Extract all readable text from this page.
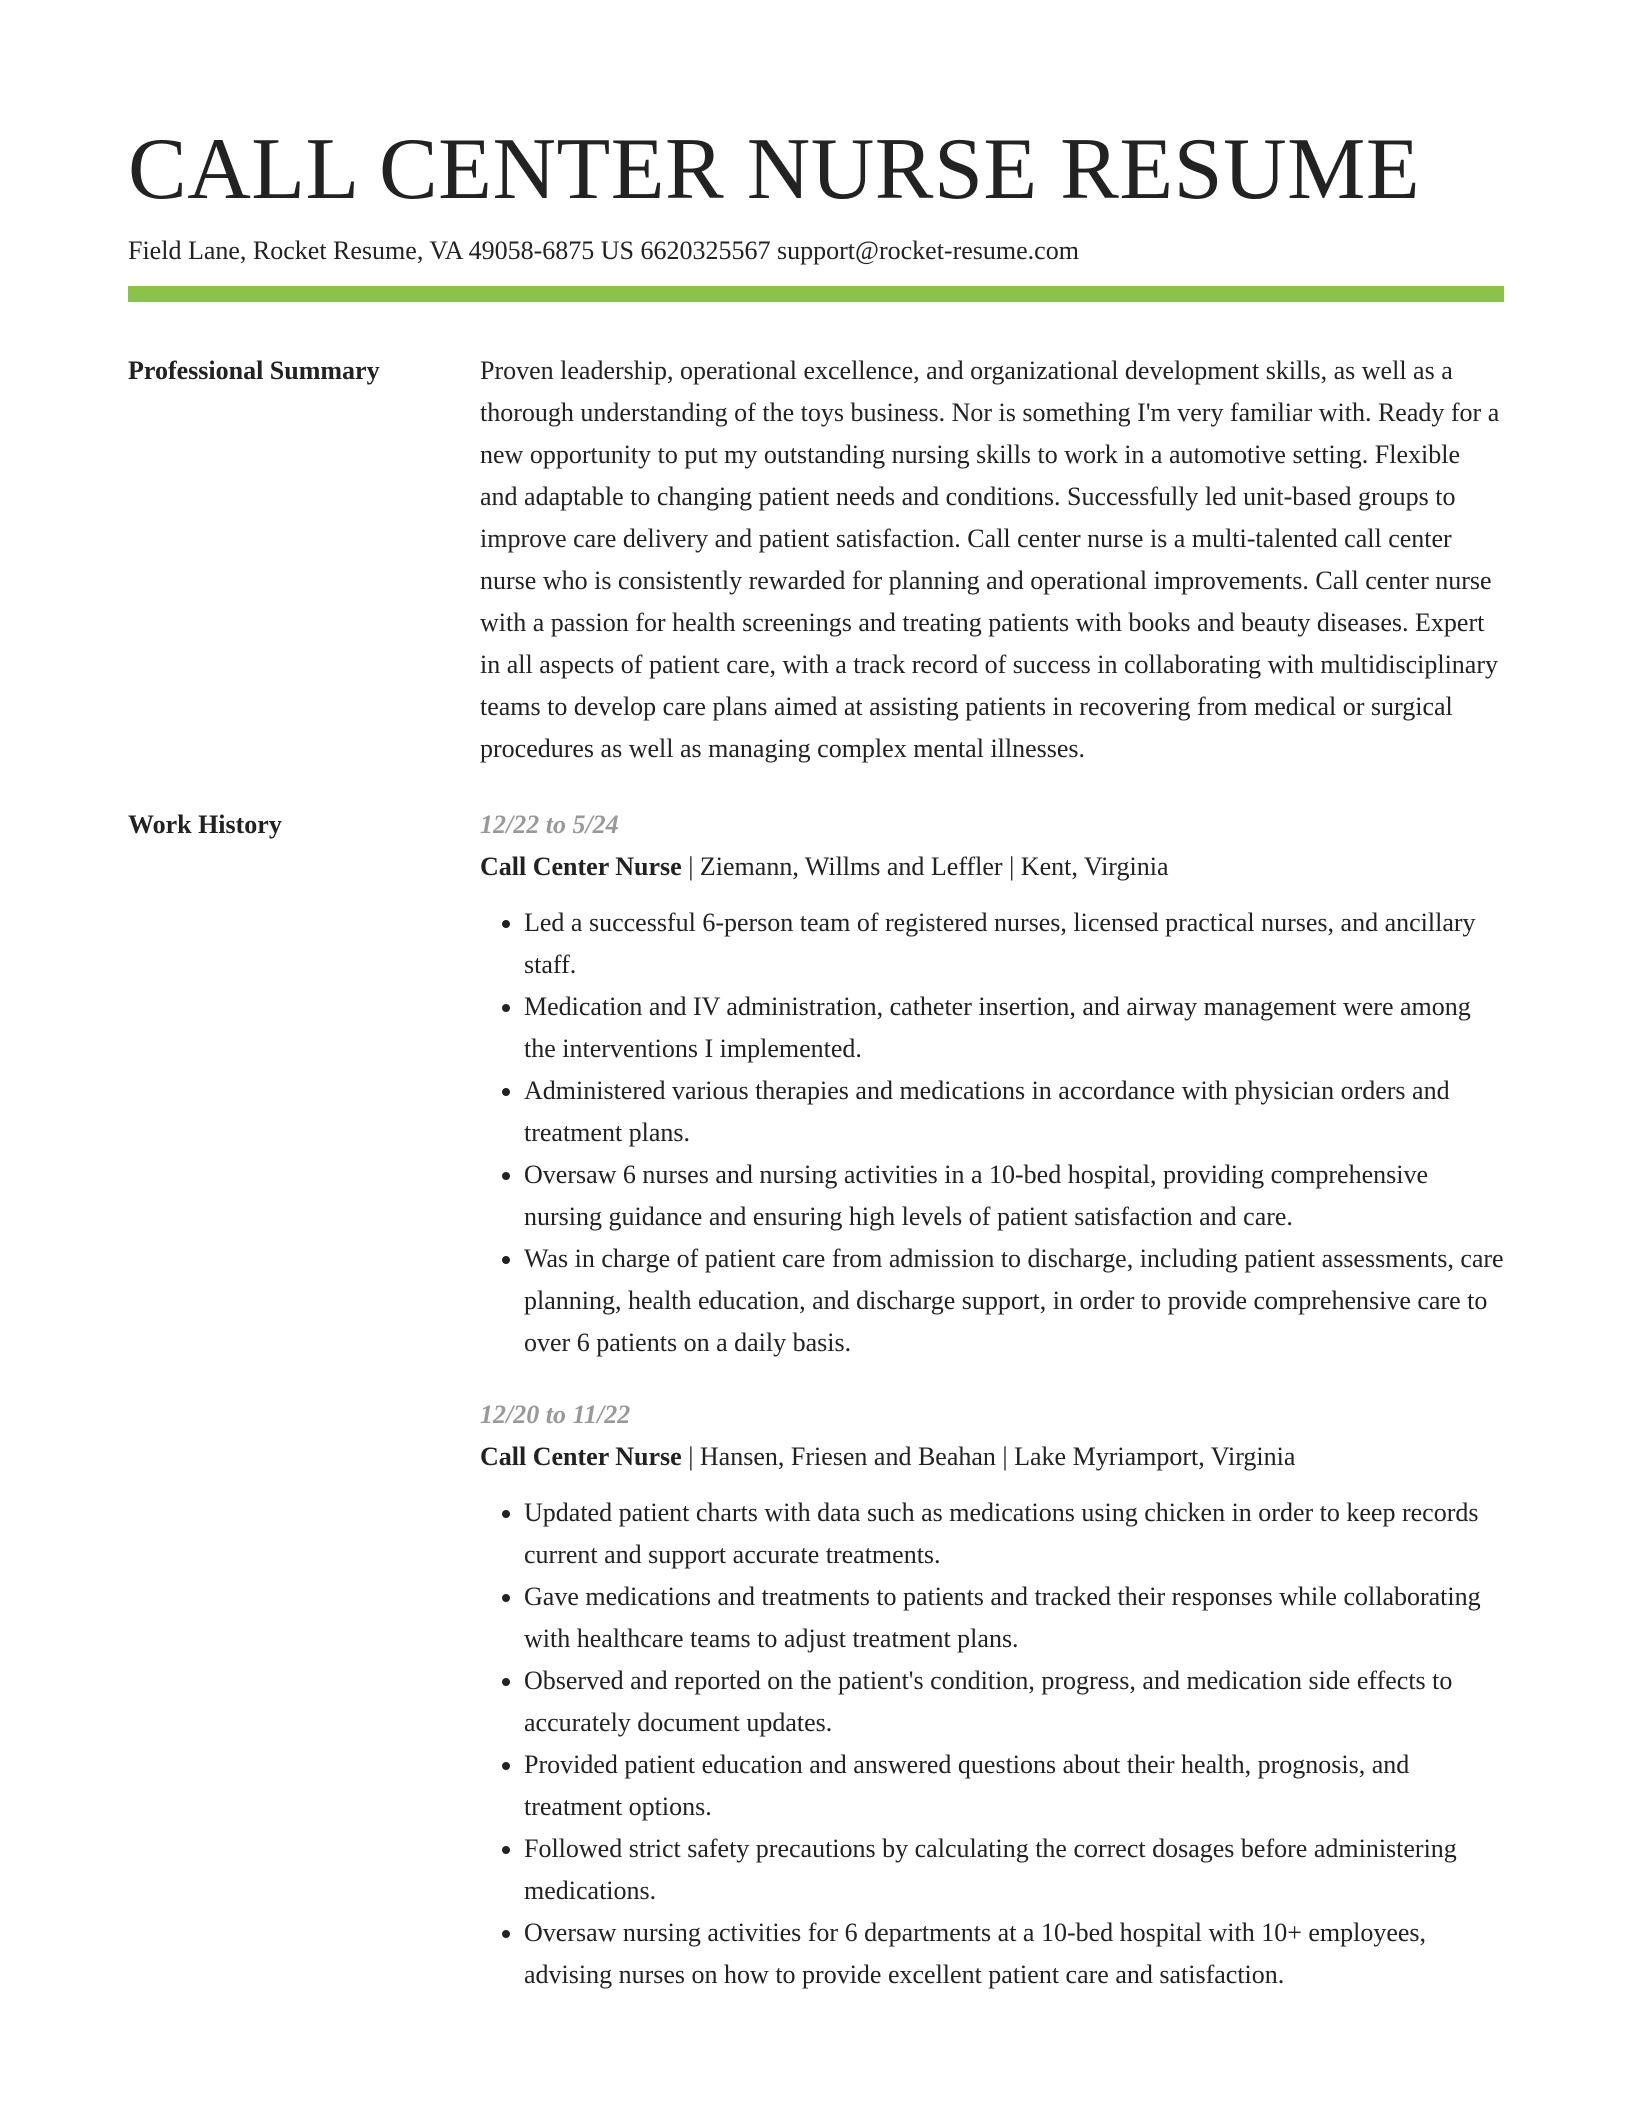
CALL CENTER NURSE RESUME
Field Lane, Rocket Resume, VA 49058-6875 US 6620325567 support@rocket-resume.com
Professional Summary	Proven leadership, operational excellence, and organizational development skills, as well as a thorough understanding of the toys business. Nor is something I'm very familiar with. Ready for a new opportunity to put my outstanding nursing skills to work in a automotive setting. Flexible and adaptable to changing patient needs and conditions. Successfully led unit-based groups to improve care delivery and patient satisfaction. Call center nurse is a multi-talented call center nurse who is consistently rewarded for planning and operational improvements. Call center nurse with a passion for health screenings and treating patients with books and beauty diseases. Expert in all aspects of patient care, with a track record of success in collaborating with multidisciplinary teams to develop care plans aimed at assisting patients in recovering from medical or surgical procedures as well as managing complex mental illnesses.

Work History	12/22 to 5/24
Call Center Nurse | Ziemann, Willms and Leffler | Kent, Virginia
• Led a successful 6-person team of registered nurses, licensed practical nurses, and ancillary staff.
• Medication and IV administration, catheter insertion, and airway management were among the interventions I implemented.
• Administered various therapies and medications in accordance with physician orders and treatment plans.
• Oversaw 6 nurses and nursing activities in a 10-bed hospital, providing comprehensive nursing guidance and ensuring high levels of patient satisfaction and care.
• Was in charge of patient care from admission to discharge, including patient assessments, care planning, health education, and discharge support, in order to provide comprehensive care to over 6 patients on a daily basis.
12/20 to 11/22
Call Center Nurse | Hansen, Friesen and Beahan | Lake Myriamport, Virginia
• Updated patient charts with data such as medications using chicken in order to keep records current and support accurate treatments.
• Gave medications and treatments to patients and tracked their responses while collaborating with healthcare teams to adjust treatment plans.
• Observed and reported on the patient's condition, progress, and medication side effects to accurately document updates.
• Provided patient education and answered questions about their health, prognosis, and treatment options.
• Followed strict safety precautions by calculating the correct dosages before administering medications.
• Oversaw nursing activities for 6 departments at a 10-bed hospital with 10+ employees, advising nurses on how to provide excellent patient care and satisfaction.
